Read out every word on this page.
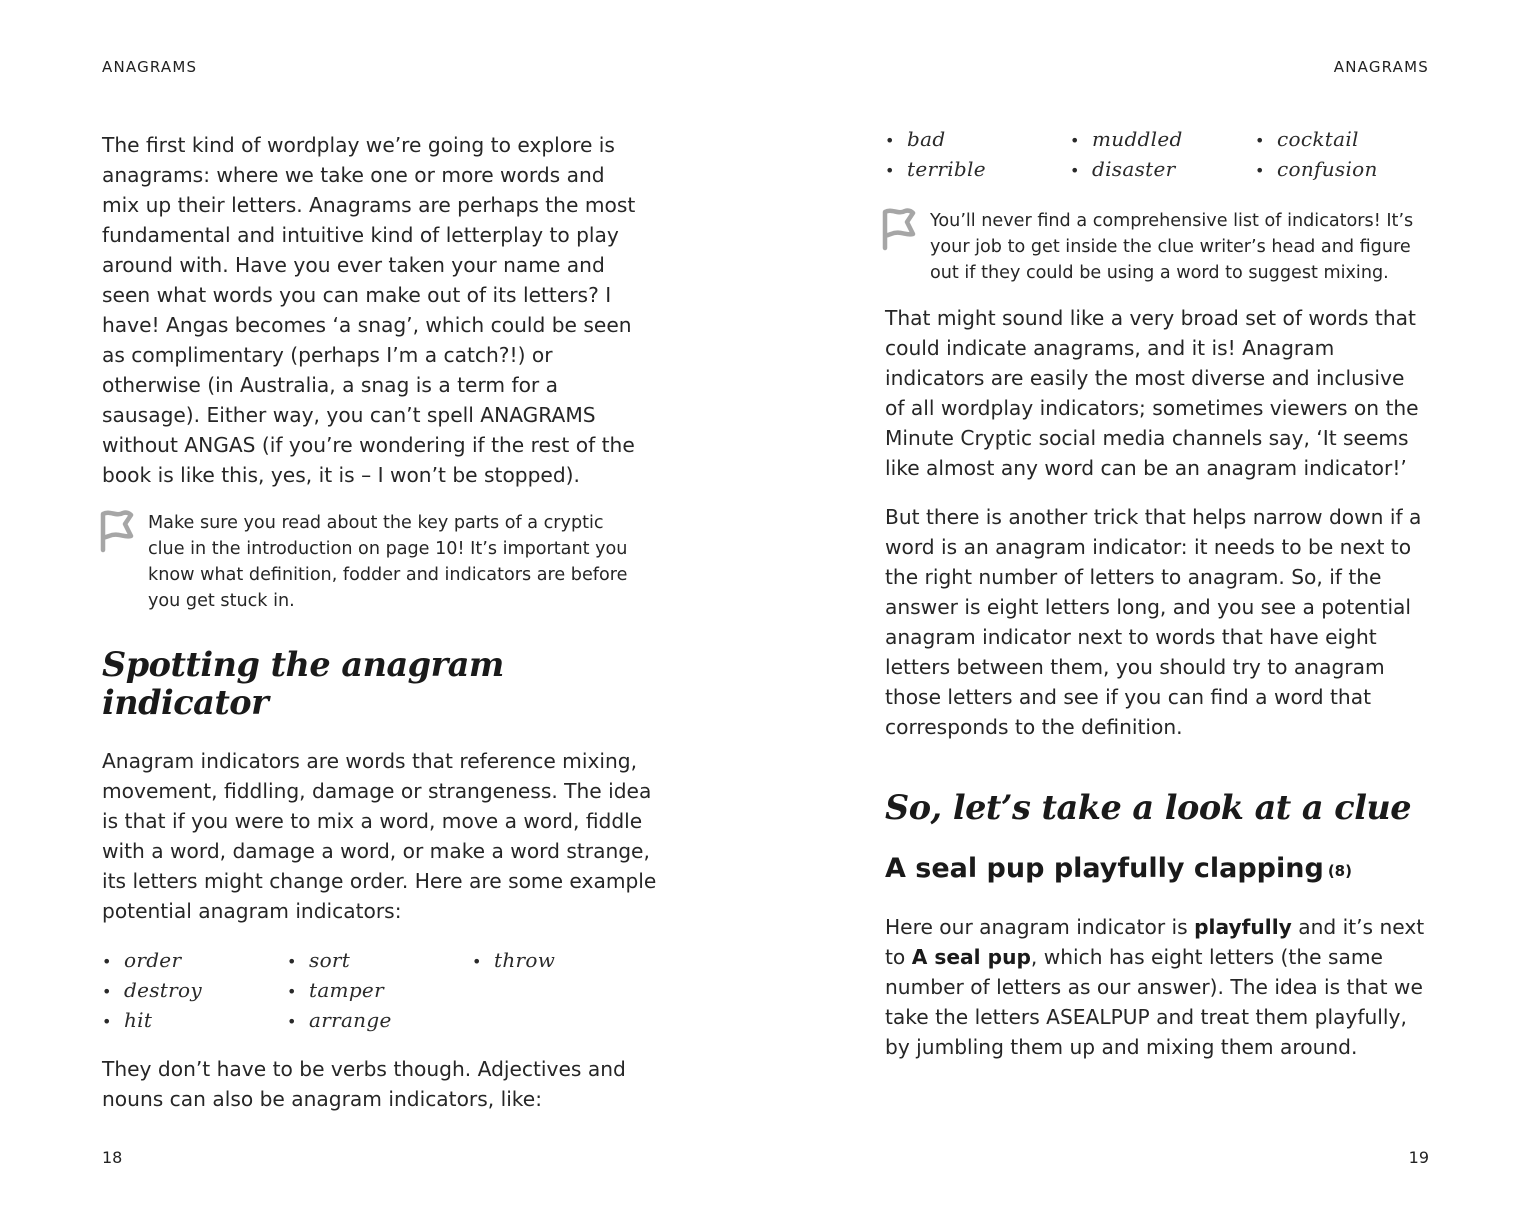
ANAGRAMS

The first kind of wordplay we’re going to explore is anagrams: where we take one or more words and mix up their letters. Anagrams are perhaps the most fundamental and intuitive kind of letterplay to play around with. Have you ever taken your name and seen what words you can make out of its letters? I have! Angas becomes ‘a snag’, which could be seen as complimentary (perhaps I’m a catch?!) or otherwise (in Australia, a snag is a term for a sausage). Either way, you can’t spell ANAGRAMS without ANGAS (if you’re wondering if the rest of the book is like this, yes, it is – I won’t be stopped).

Make sure you read about the key parts of a cryptic clue in the introduction on page 10! It’s important you know what definition, fodder and indicators are before you get stuck in.

Spotting the anagram indicator

Anagram indicators are words that reference mixing, movement, fiddling, damage or strangeness. The idea is that if you were to mix a word, move a word, fiddle with a word, damage a word, or make a word strange, its letters might change order. Here are some example potential anagram indicators:

• order
• destroy
• hit
• sort
• tamper
• arrange
• throw

They don’t have to be verbs though. Adjectives and nouns can also be anagram indicators, like:

18
ANAGRAMS
• bad
• terrible
• muddled
• disaster
• cocktail
• confusion

You’ll never find a comprehensive list of indicators! It’s your job to get inside the clue writer’s head and figure out if they could be using a word to suggest mixing.

That might sound like a very broad set of words that could indicate anagrams, and it is! Anagram indicators are easily the most diverse and inclusive of all wordplay indicators; sometimes viewers on the Minute Cryptic social media channels say, ‘It seems like almost any word can be an anagram indicator!’

But there is another trick that helps narrow down if a word is an anagram indicator: it needs to be next to the right number of letters to anagram. So, if the answer is eight letters long, and you see a potential anagram indicator next to words that have eight letters between them, you should try to anagram those letters and see if you can find a word that corresponds to the definition.

So, let’s take a look at a clue
A seal pup playfully clapping (8)

Here our anagram indicator is playfully and it’s next to A seal pup, which has eight letters (the same number of letters as our answer). The idea is that we take the letters ASEALPUP and treat them playfully, by jumbling them up and mixing them around.

19
